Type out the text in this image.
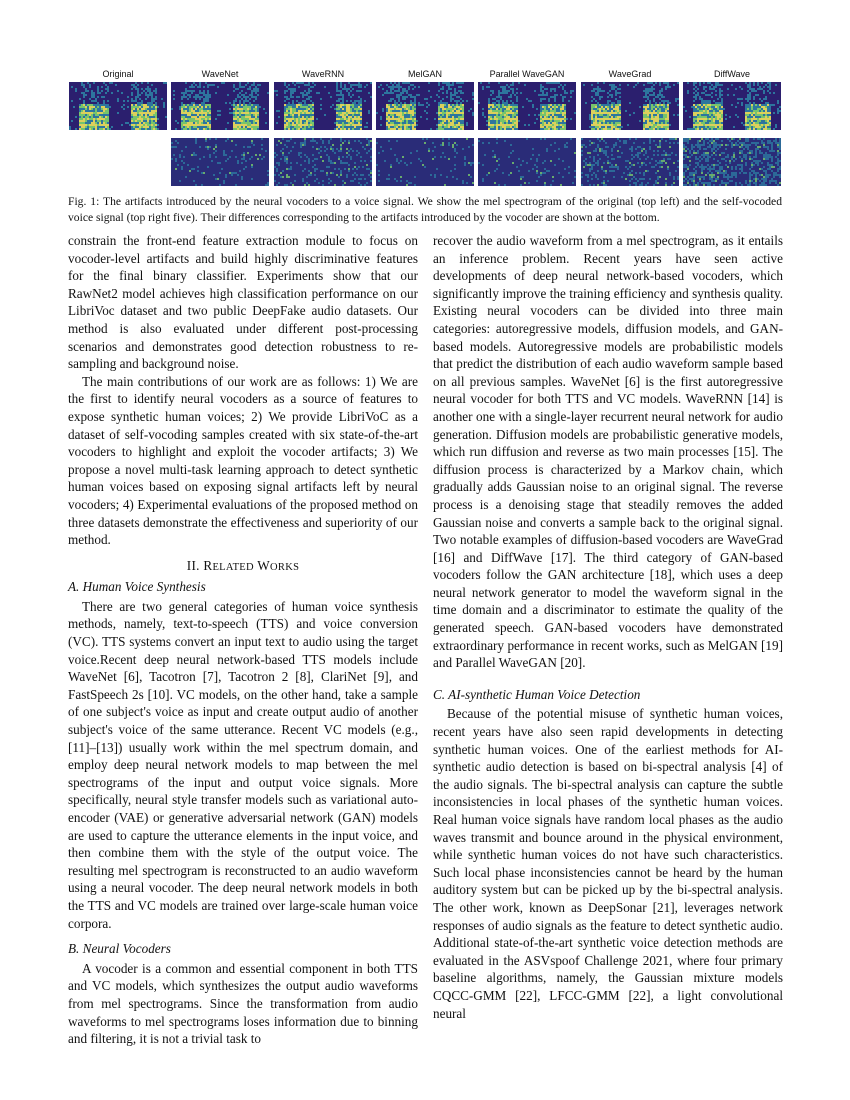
Original	WaveNet	WaveRNN	MelGAN	Parallel WaveGAN	WaveGrad	DiffWave
Fig. 1: The artifacts introduced by the neural vocoders to a voice signal. We show the mel spectrogram of the original (top left) and the self-vocoded voice signal (top right five). Their differences corresponding to the artifacts introduced by the vocoder are shown at the bottom.

constrain the front-end feature extraction module to focus on vocoder-level artifacts and build highly discriminative features for the final binary classifier. Experiments show that our RawNet2 model achieves high classification performance on our LibriVoc dataset and two public DeepFake audio datasets. Our method is also evaluated under different post-processing scenarios and demonstrates good detection robustness to re-sampling and background noise.

The main contributions of our work are as follows: 1) We are the first to identify neural vocoders as a source of features to expose synthetic human voices; 2) We provide LibriVoC as a dataset of self-vocoding samples created with six state-of-the-art vocoders to highlight and exploit the vocoder artifacts; 3) We propose a novel multi-task learning approach to detect synthetic human voices based on exposing signal artifacts left by neural vocoders; 4) Experimental evaluations of the proposed method on three datasets demonstrate the effectiveness and superiority of our method.

II. RELATED WORKS
A. Human Voice Synthesis

There are two general categories of human voice synthesis methods, namely, text-to-speech (TTS) and voice conversion (VC). TTS systems convert an input text to audio using the target voice.Recent deep neural network-based TTS models include WaveNet [6], Tacotron [7], Tacotron 2 [8], ClariNet [9], and FastSpeech 2s [10]. VC models, on the other hand, take a sample of one subject's voice as input and create output audio of another subject's voice of the same utterance. Recent VC models (e.g., [11]–[13]) usually work within the mel spectrum domain, and employ deep neural network models to map between the mel spectrograms of the input and output voice signals. More specifically, neural style transfer models such as variational auto-encoder (VAE) or generative adversarial network (GAN) models are used to capture the utterance elements in the input voice, and then combine them with the style of the output voice. The resulting mel spectrogram is reconstructed to an audio waveform using a neural vocoder. The deep neural network models in both the TTS and VC models are trained over large-scale human voice corpora.

B. Neural Vocoders

A vocoder is a common and essential component in both TTS and VC models, which synthesizes the output audio waveforms from mel spectrograms. Since the transformation from audio waveforms to mel spectrograms loses information due to binning and filtering, it is not a trivial task to

recover the audio waveform from a mel spectrogram, as it entails an inference problem. Recent years have seen active developments of deep neural network-based vocoders, which significantly improve the training efficiency and synthesis quality. Existing neural vocoders can be divided into three main categories: autoregressive models, diffusion models, and GAN-based models. Autoregressive models are probabilistic models that predict the distribution of each audio waveform sample based on all previous samples. WaveNet [6] is the first autoregressive neural vocoder for both TTS and VC models. WaveRNN [14] is another one with a single-layer recurrent neural network for audio generation. Diffusion models are probabilistic generative models, which run diffusion and reverse as two main processes [15]. The diffusion process is characterized by a Markov chain, which gradually adds Gaussian noise to an original signal. The reverse process is a denoising stage that steadily removes the added Gaussian noise and converts a sample back to the original signal. Two notable examples of diffusion-based vocoders are WaveGrad [16] and DiffWave [17]. The third category of GAN-based vocoders follow the GAN architecture [18], which uses a deep neural network generator to model the waveform signal in the time domain and a discriminator to estimate the quality of the generated speech. GAN-based vocoders have demonstrated extraordinary performance in recent works, such as MelGAN [19] and Parallel WaveGAN [20].

C. AI-synthetic Human Voice Detection

Because of the potential misuse of synthetic human voices, recent years have also seen rapid developments in detecting synthetic human voices. One of the earliest methods for AI-synthetic audio detection is based on bi-spectral analysis [4] of the audio signals. The bi-spectral analysis can capture the subtle inconsistencies in local phases of the synthetic human voices. Real human voice signals have random local phases as the audio waves transmit and bounce around in the physical environment, while synthetic human voices do not have such characteristics. Such local phase inconsistencies cannot be heard by the human auditory system but can be picked up by the bi-spectral analysis. The other work, known as DeepSonar [21], leverages network responses of audio signals as the feature to detect synthetic audio. Additional state-of-the-art synthetic voice detection methods are evaluated in the ASVspoof Challenge 2021, where four primary baseline algorithms, namely, the Gaussian mixture models CQCC-GMM [22], LFCC-GMM [22], a light convolutional neural
